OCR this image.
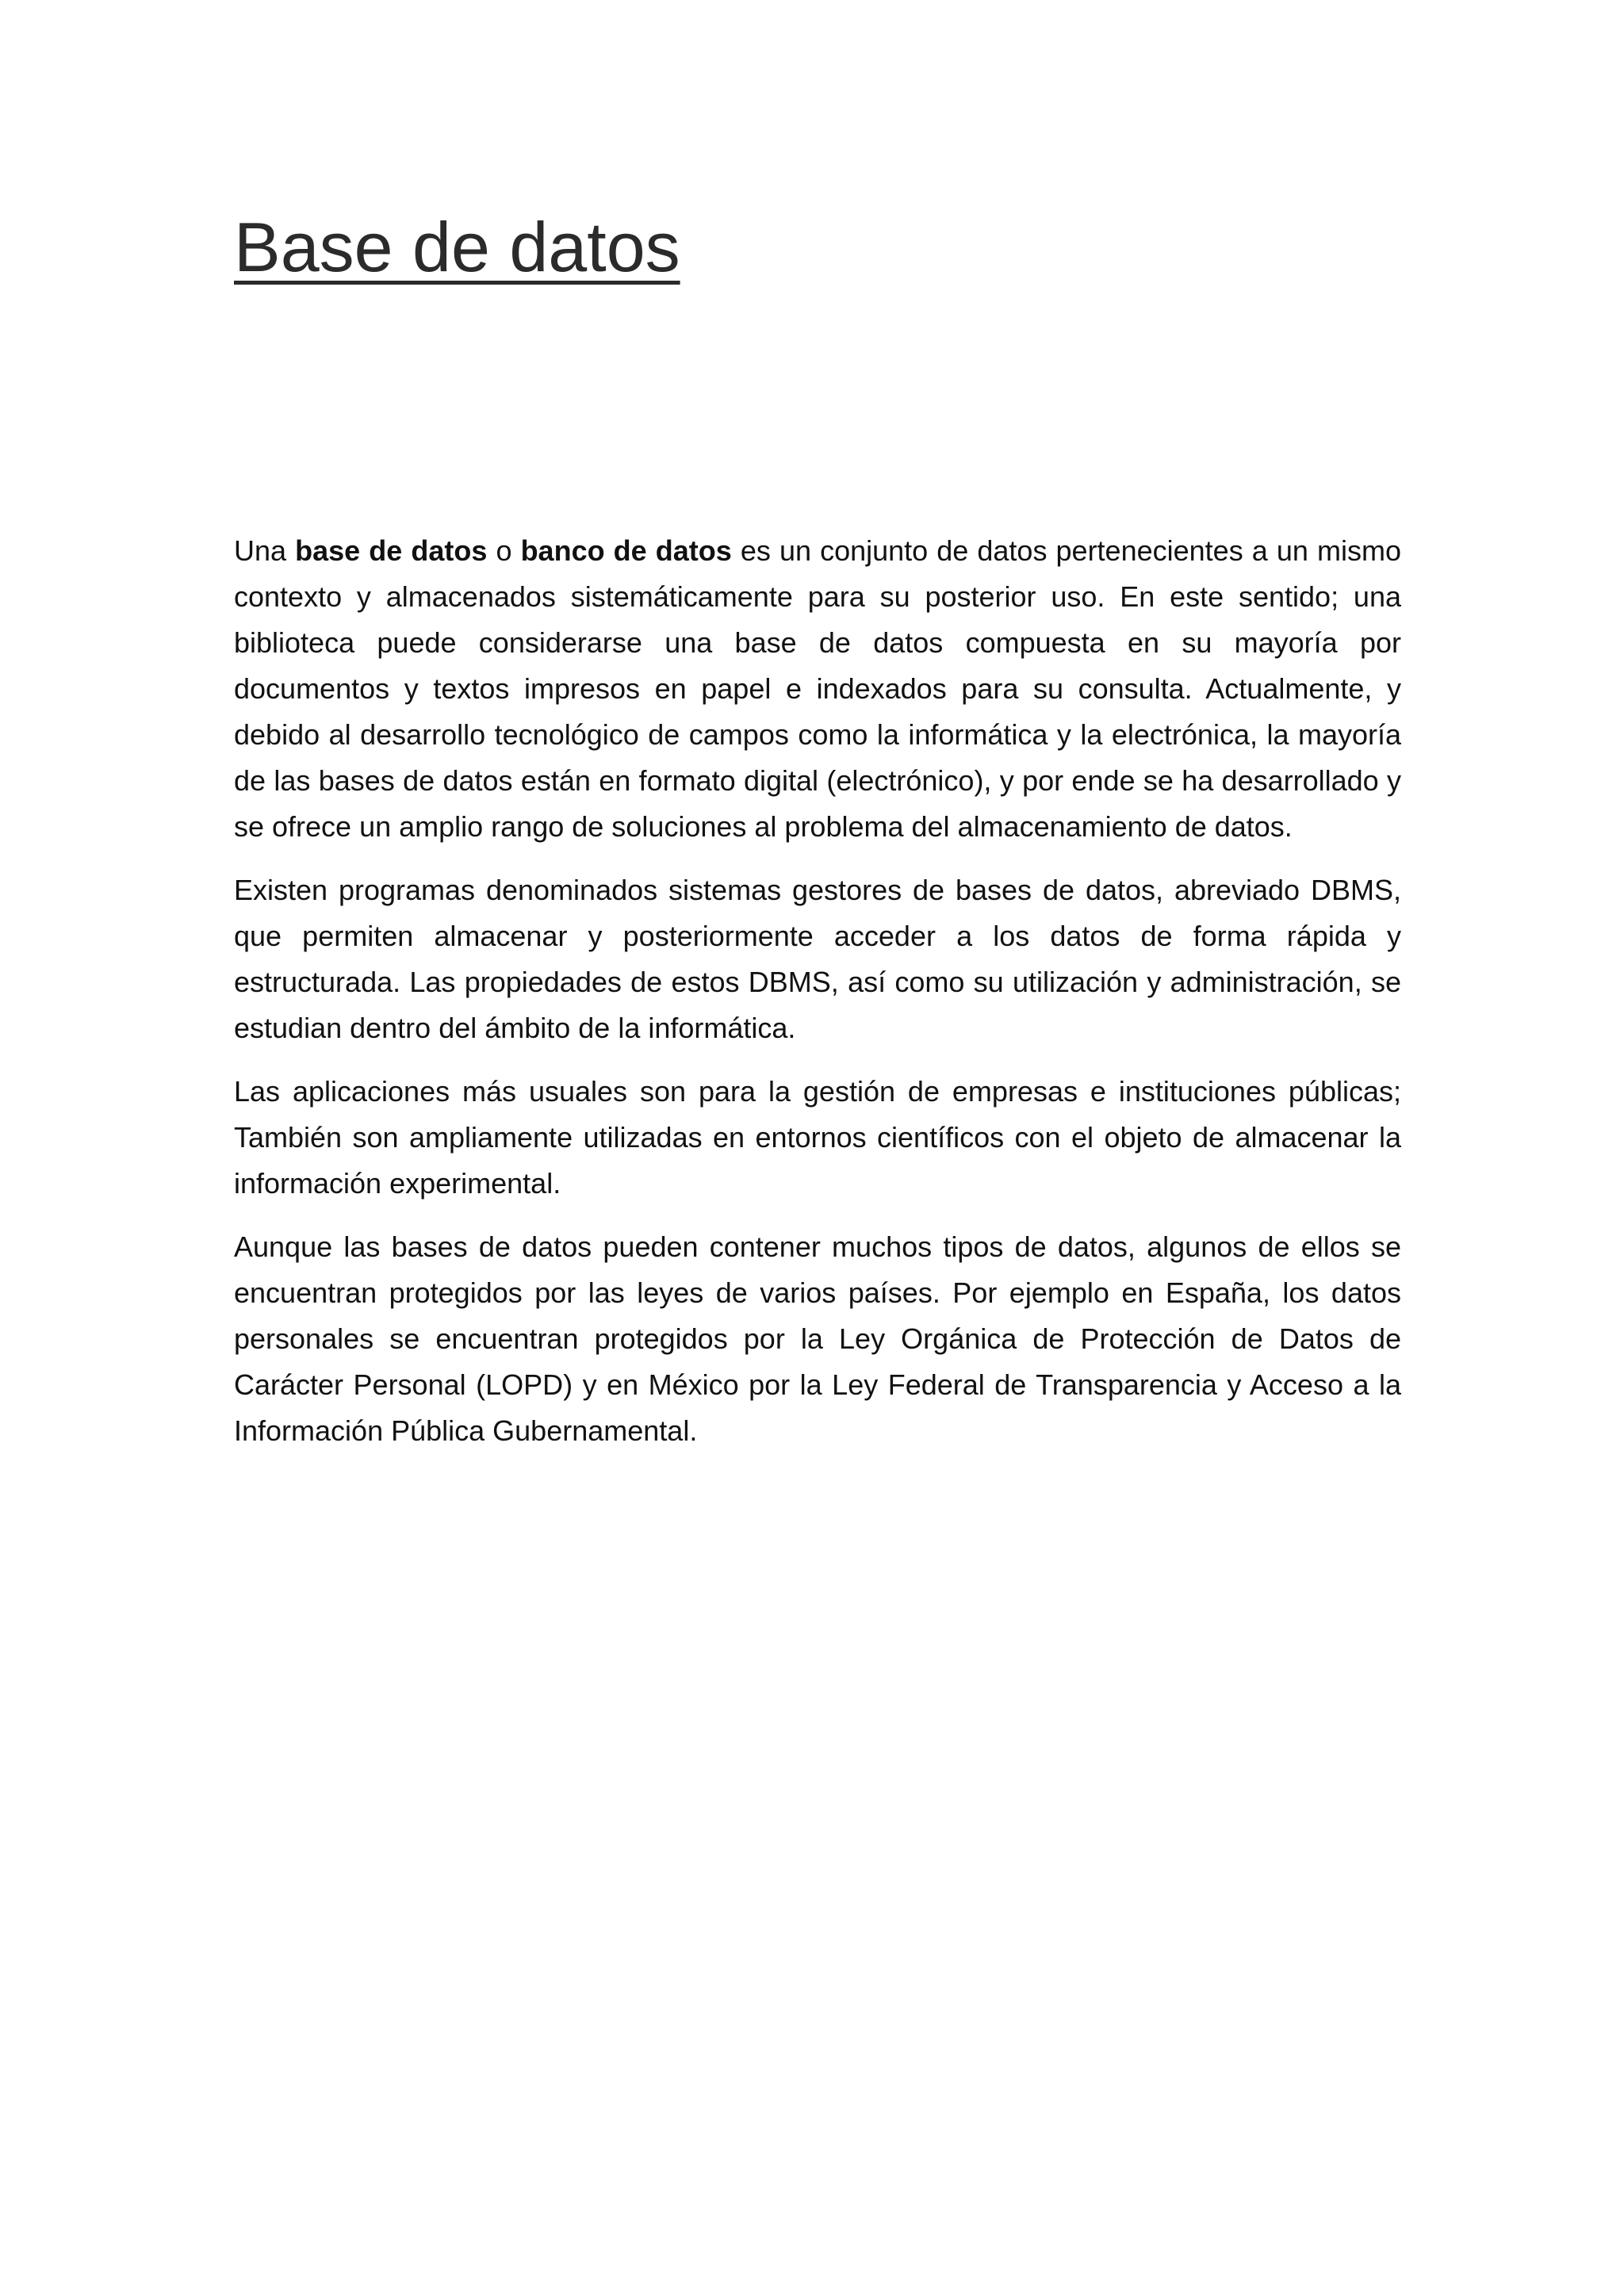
Base de datos

Una base de datos o banco de datos es un conjunto de datos pertenecientes a un mismo contexto y almacenados sistemáticamente para su posterior uso. En este sentido; una biblioteca puede considerarse una base de datos compuesta en su mayoría por documentos y textos impresos en papel e indexados para su consulta. Actualmente, y debido al desarrollo tecnológico de campos como la informática y la electrónica, la mayoría de las bases de datos están en formato digital (electrónico), y por ende se ha desarrollado y se ofrece un amplio rango de soluciones al problema del almacenamiento de datos.

Existen programas denominados sistemas gestores de bases de datos, abreviado DBMS, que permiten almacenar y posteriormente acceder a los datos de forma rápida y estructurada. Las propiedades de estos DBMS, así como su utilización y administración, se estudian dentro del ámbito de la informática.

Las aplicaciones más usuales son para la gestión de empresas e instituciones públicas; También son ampliamente utilizadas en entornos científicos con el objeto de almacenar la información experimental.

Aunque las bases de datos pueden contener muchos tipos de datos, algunos de ellos se encuentran protegidos por las leyes de varios países. Por ejemplo en España, los datos personales se encuentran protegidos por la Ley Orgánica de Protección de Datos de Carácter Personal (LOPD) y en México por la Ley Federal de Transparencia y Acceso a la Información Pública Gubernamental.
